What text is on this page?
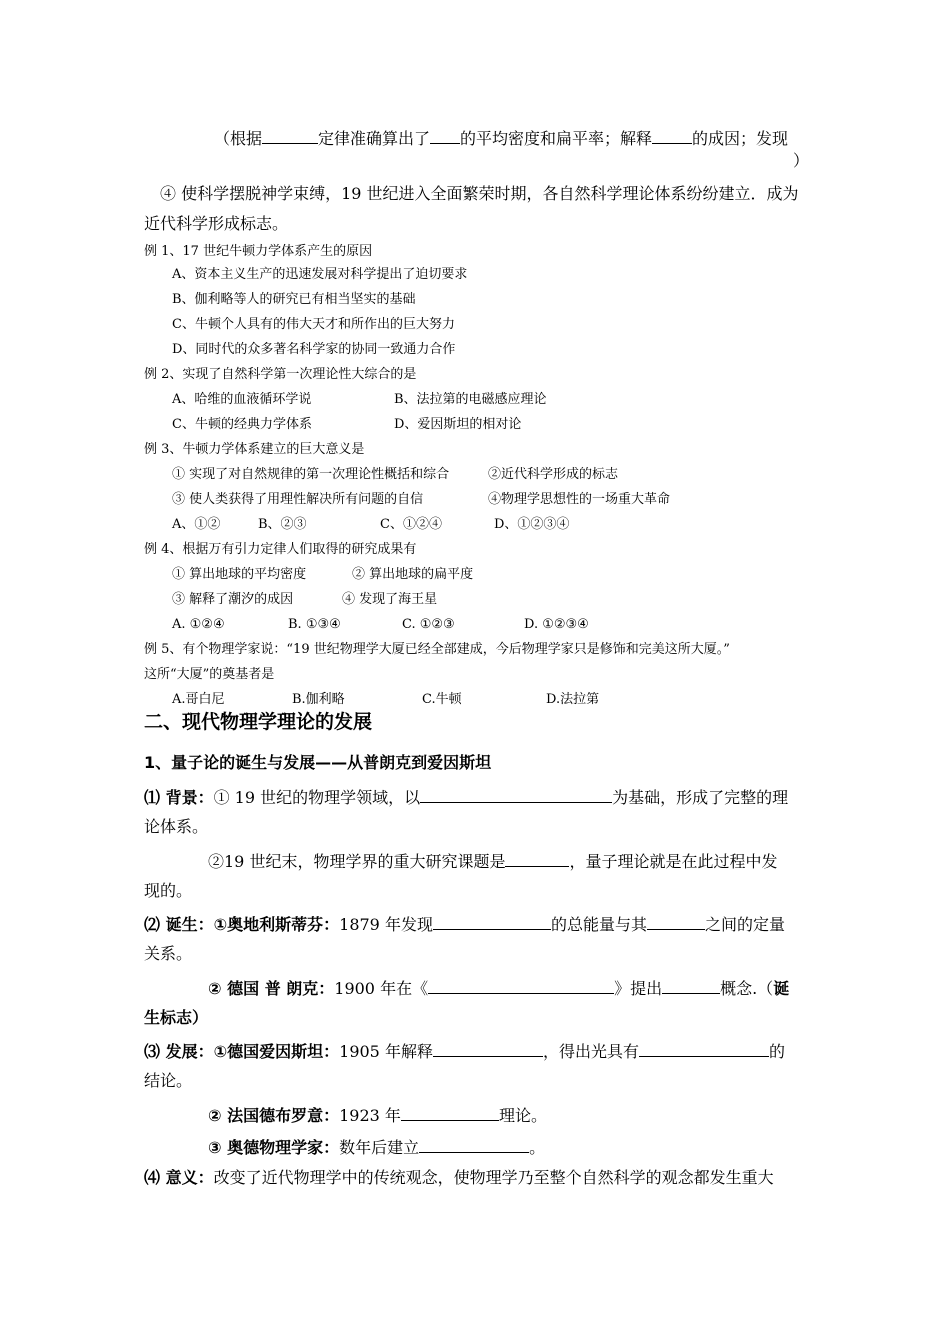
（根据	定律准确算出了 的平均密度和扁平率；解释	的成因；发现
）
④ 使科学摆脱神学束缚，19 世纪进入全面繁荣时期，各自然科学理论体系纷纷建立．成为
近代科学形成标志。
例 1、17 世纪牛顿力学体系产生的原因
A、资本主义生产的迅速发展对科学提出了迫切要求
B、伽利略等人的研究已有相当坚实的基础
C、牛顿个人具有的伟大天才和所作出的巨大努力
D、同时代的众多著名科学家的协同一致通力合作
例 2、实现了自然科学第一次理论性大综合的是
A、哈维的血液循环学说	B、法拉第的电磁感应理论
C、牛顿的经典力学体系	D、爱因斯坦的相对论
例 3、牛顿力学体系建立的巨大意义是
① 实现了对自然规律的第一次理论性概括和综合	②近代科学形成的标志
③ 使人类获得了用理性解决所有问题的自信	④物理学思想性的一场重大革命
A、①②	B、②③	C、①②④	D、①②③④
例 4、根据万有引力定律人们取得的研究成果有
① 算出地球的平均密度	② 算出地球的扁平度
③ 解释了潮汐的成因	④ 发现了海王星
A. ①②④	B. ①③④	C. ①②③	D. ①②③④
例 5、有个物理学家说：“19 世纪物理学大厦已经全部建成，今后物理学家只是修饰和完美这所大厦。”
这所“大厦”的奠基者是
A.哥白尼	B.伽利略	C.牛顿	D.法拉第
二、现代物理学理论的发展
1、量子论的诞生与发展——从普朗克到爱因斯坦
⑴ 背景：① 19 世纪的物理学领域，以	为基础，形成了完整的理
论体系。
②19 世纪末，物理学界的重大研究课题是	，量子理论就是在此过程中发
现的。
⑵ 诞生：①奥地利斯蒂芬：1879 年发现	的总能量与其	之间的定量
关系。
② 德国 普 朗克：1900 年在《	》提出	概念.（诞
生标志）
⑶ 发展：①德国爱因斯坦：1905 年解释	，得出光具有	的
结论。
② 法国德布罗意：1923 年	理论。
③ 奥德物理学家：数年后建立	。
⑷ 意义：改变了近代物理学中的传统观念，使物理学乃至整个自然科学的观念都发生重大
